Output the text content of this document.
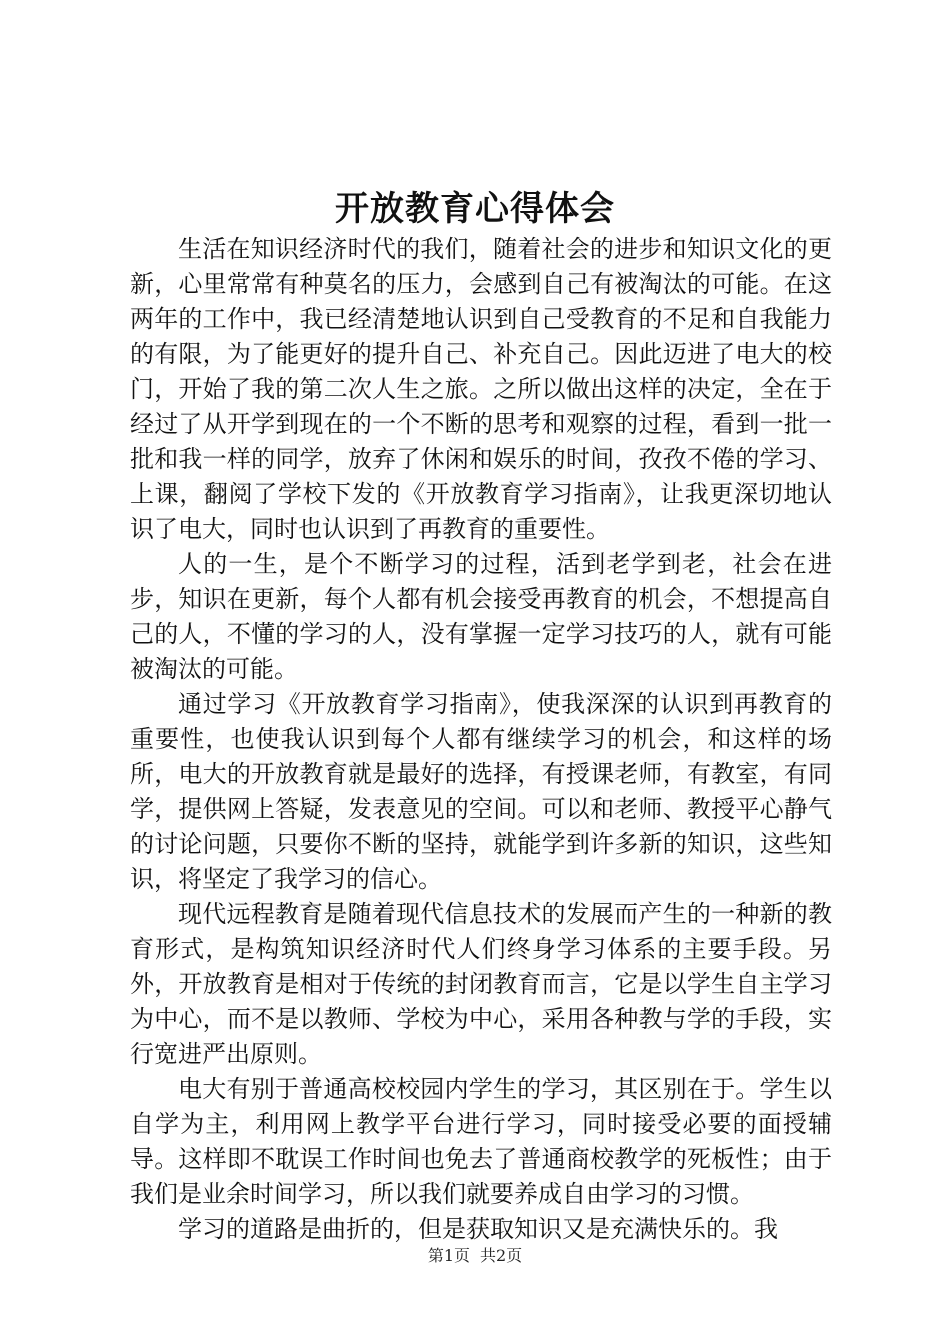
开放教育心得体会

生活在知识经济时代的我们，随着社会的进步和知识文化的更新，心里常常有种莫名的压力，会感到自己有被淘汰的可能。在这两年的工作中，我已经清楚地认识到自己受教育的不足和自我能力的有限，为了能更好的提升自己、补充自己。因此迈进了电大的校门，开始了我的第二次人生之旅。之所以做出这样的决定，全在于经过了从开学到现在的一个不断的思考和观察的过程，看到一批一批和我一样的同学，放弃了休闲和娱乐的时间，孜孜不倦的学习、上课，翻阅了学校下发的《开放教育学习指南》，让我更深切地认识了电大，同时也认识到了再教育的重要性。

人的一生，是个不断学习的过程，活到老学到老，社会在进步，知识在更新，每个人都有机会接受再教育的机会，不想提高自己的人，不懂的学习的人，没有掌握一定学习技巧的人，就有可能被淘汰的可能。

通过学习《开放教育学习指南》，使我深深的认识到再教育的重要性，也使我认识到每个人都有继续学习的机会，和这样的场所，电大的开放教育就是最好的选择，有授课老师，有教室，有同学，提供网上答疑，发表意见的空间。可以和老师、教授平心静气的讨论问题，只要你不断的坚持，就能学到许多新的知识，这些知识，将坚定了我学习的信心。

现代远程教育是随着现代信息技术的发展而产生的一种新的教育形式，是构筑知识经济时代人们终身学习体系的主要手段。另外，开放教育是相对于传统的封闭教育而言，它是以学生自主学习为中心，而不是以教师、学校为中心，采用各种教与学的手段，实行宽进严出原则。

电大有别于普通高校校园内学生的学习，其区别在于。学生以自学为主，利用网上教学平台进行学习，同时接受必要的面授辅导。这样即不耽误工作时间也免去了普通商校教学的死板性；由于我们是业余时间学习，所以我们就要养成自由学习的习惯。

学习的道路是曲折的，但是获取知识又是充满快乐的。我

第1页 共2页
